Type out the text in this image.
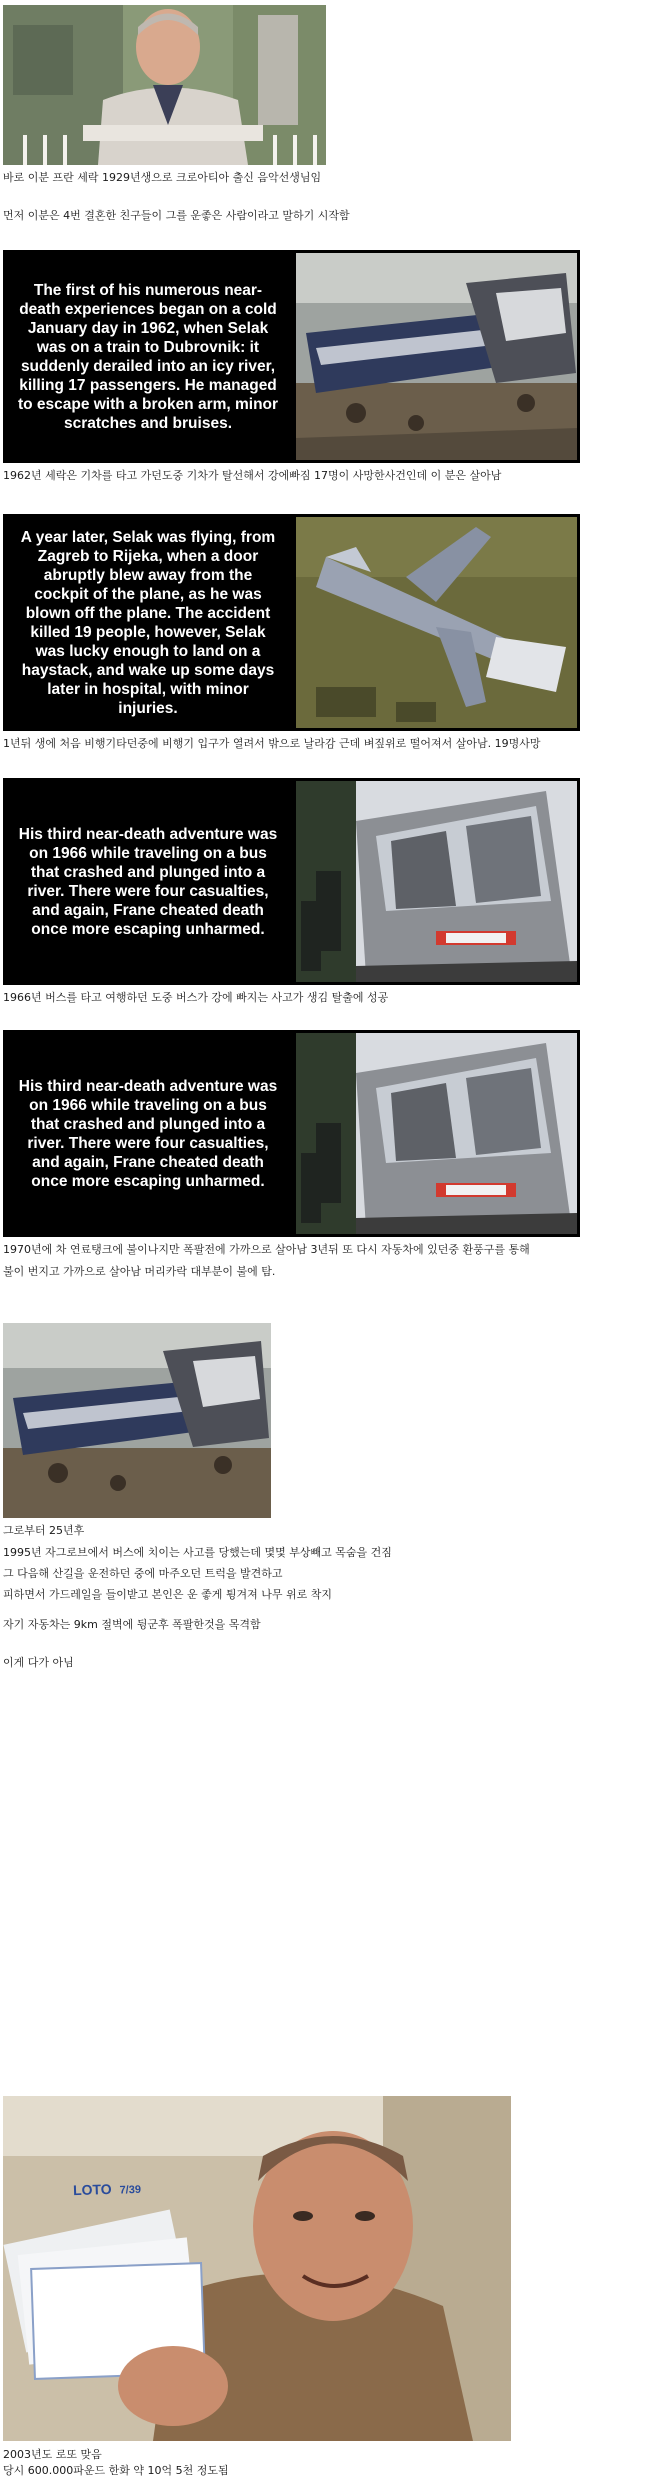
바로 이분 프란 세락 1929년생으로 크로아티아 출신 음악선생님임
먼저 이분은 4번 결혼한 친구들이 그를 운좋은 사람이라고 말하기 시작함
The first of his numerous near-death experiences began on a cold January day in 1962, when Selak was on a train to Dubrovnik: it suddenly derailed into an icy river, killing 17 passengers. He managed to escape with a broken arm, minor scratches and bruises.
1962년 세락은 기차를 타고 가던도중 기차가 탈선해서 강에빠짐 17명이 사망한사건인데 이 분은 살아남
A year later, Selak was flying, from Zagreb to Rijeka, when a door abruptly blew away from the cockpit of the plane, as he was blown off the plane. The accident killed 19 people, however, Selak was lucky enough to land on a haystack, and wake up some days later in hospital, with minor injuries.
1년뒤 생에 처음 비행기타던중에 비행기 입구가 열려서 밖으로 날라감 근데 벼짚위로 떨어져서 살아남. 19명사망
His third near-death adventure was on 1966 while traveling on a bus that crashed and plunged into a river. There were four casualties, and again, Frane cheated death once more escaping unharmed.
1966년 버스를 타고 여행하던 도중 버스가 강에 빠지는 사고가 생김 탈출에 성공
His third near-death adventure was on 1966 while traveling on a bus that crashed and plunged into a river. There were four casualties, and again, Frane cheated death once more escaping unharmed.
1970년에 차 연료탱크에 불이나지만 폭팔전에 가까으로 살아남 3년뒤 또 다시 자동차에 있던중 환풍구를 통해
불이 번지고 가까으로 살아남 머리카락 대부분이 불에 탐.
그로부터 25년후
1995년 자그로브에서 버스에 치이는 사고를 당했는데 몇몇 부상빼고 목숨을 건짐
그 다음해 산길을 운전하던 중에 마주오던 트럭을 발견하고
피하면서 가드레일을 들이받고 본인은 운 좋게 튕겨져 나무 위로 착지
자기 자동차는 9km 절벽에 뒹군후 폭팔한것을 목격함
이게 다가 아님
LOTO 7/39
2003년도 로또 맞음
당시 600.000파운드 한화 약 10억 5천 정도됨
